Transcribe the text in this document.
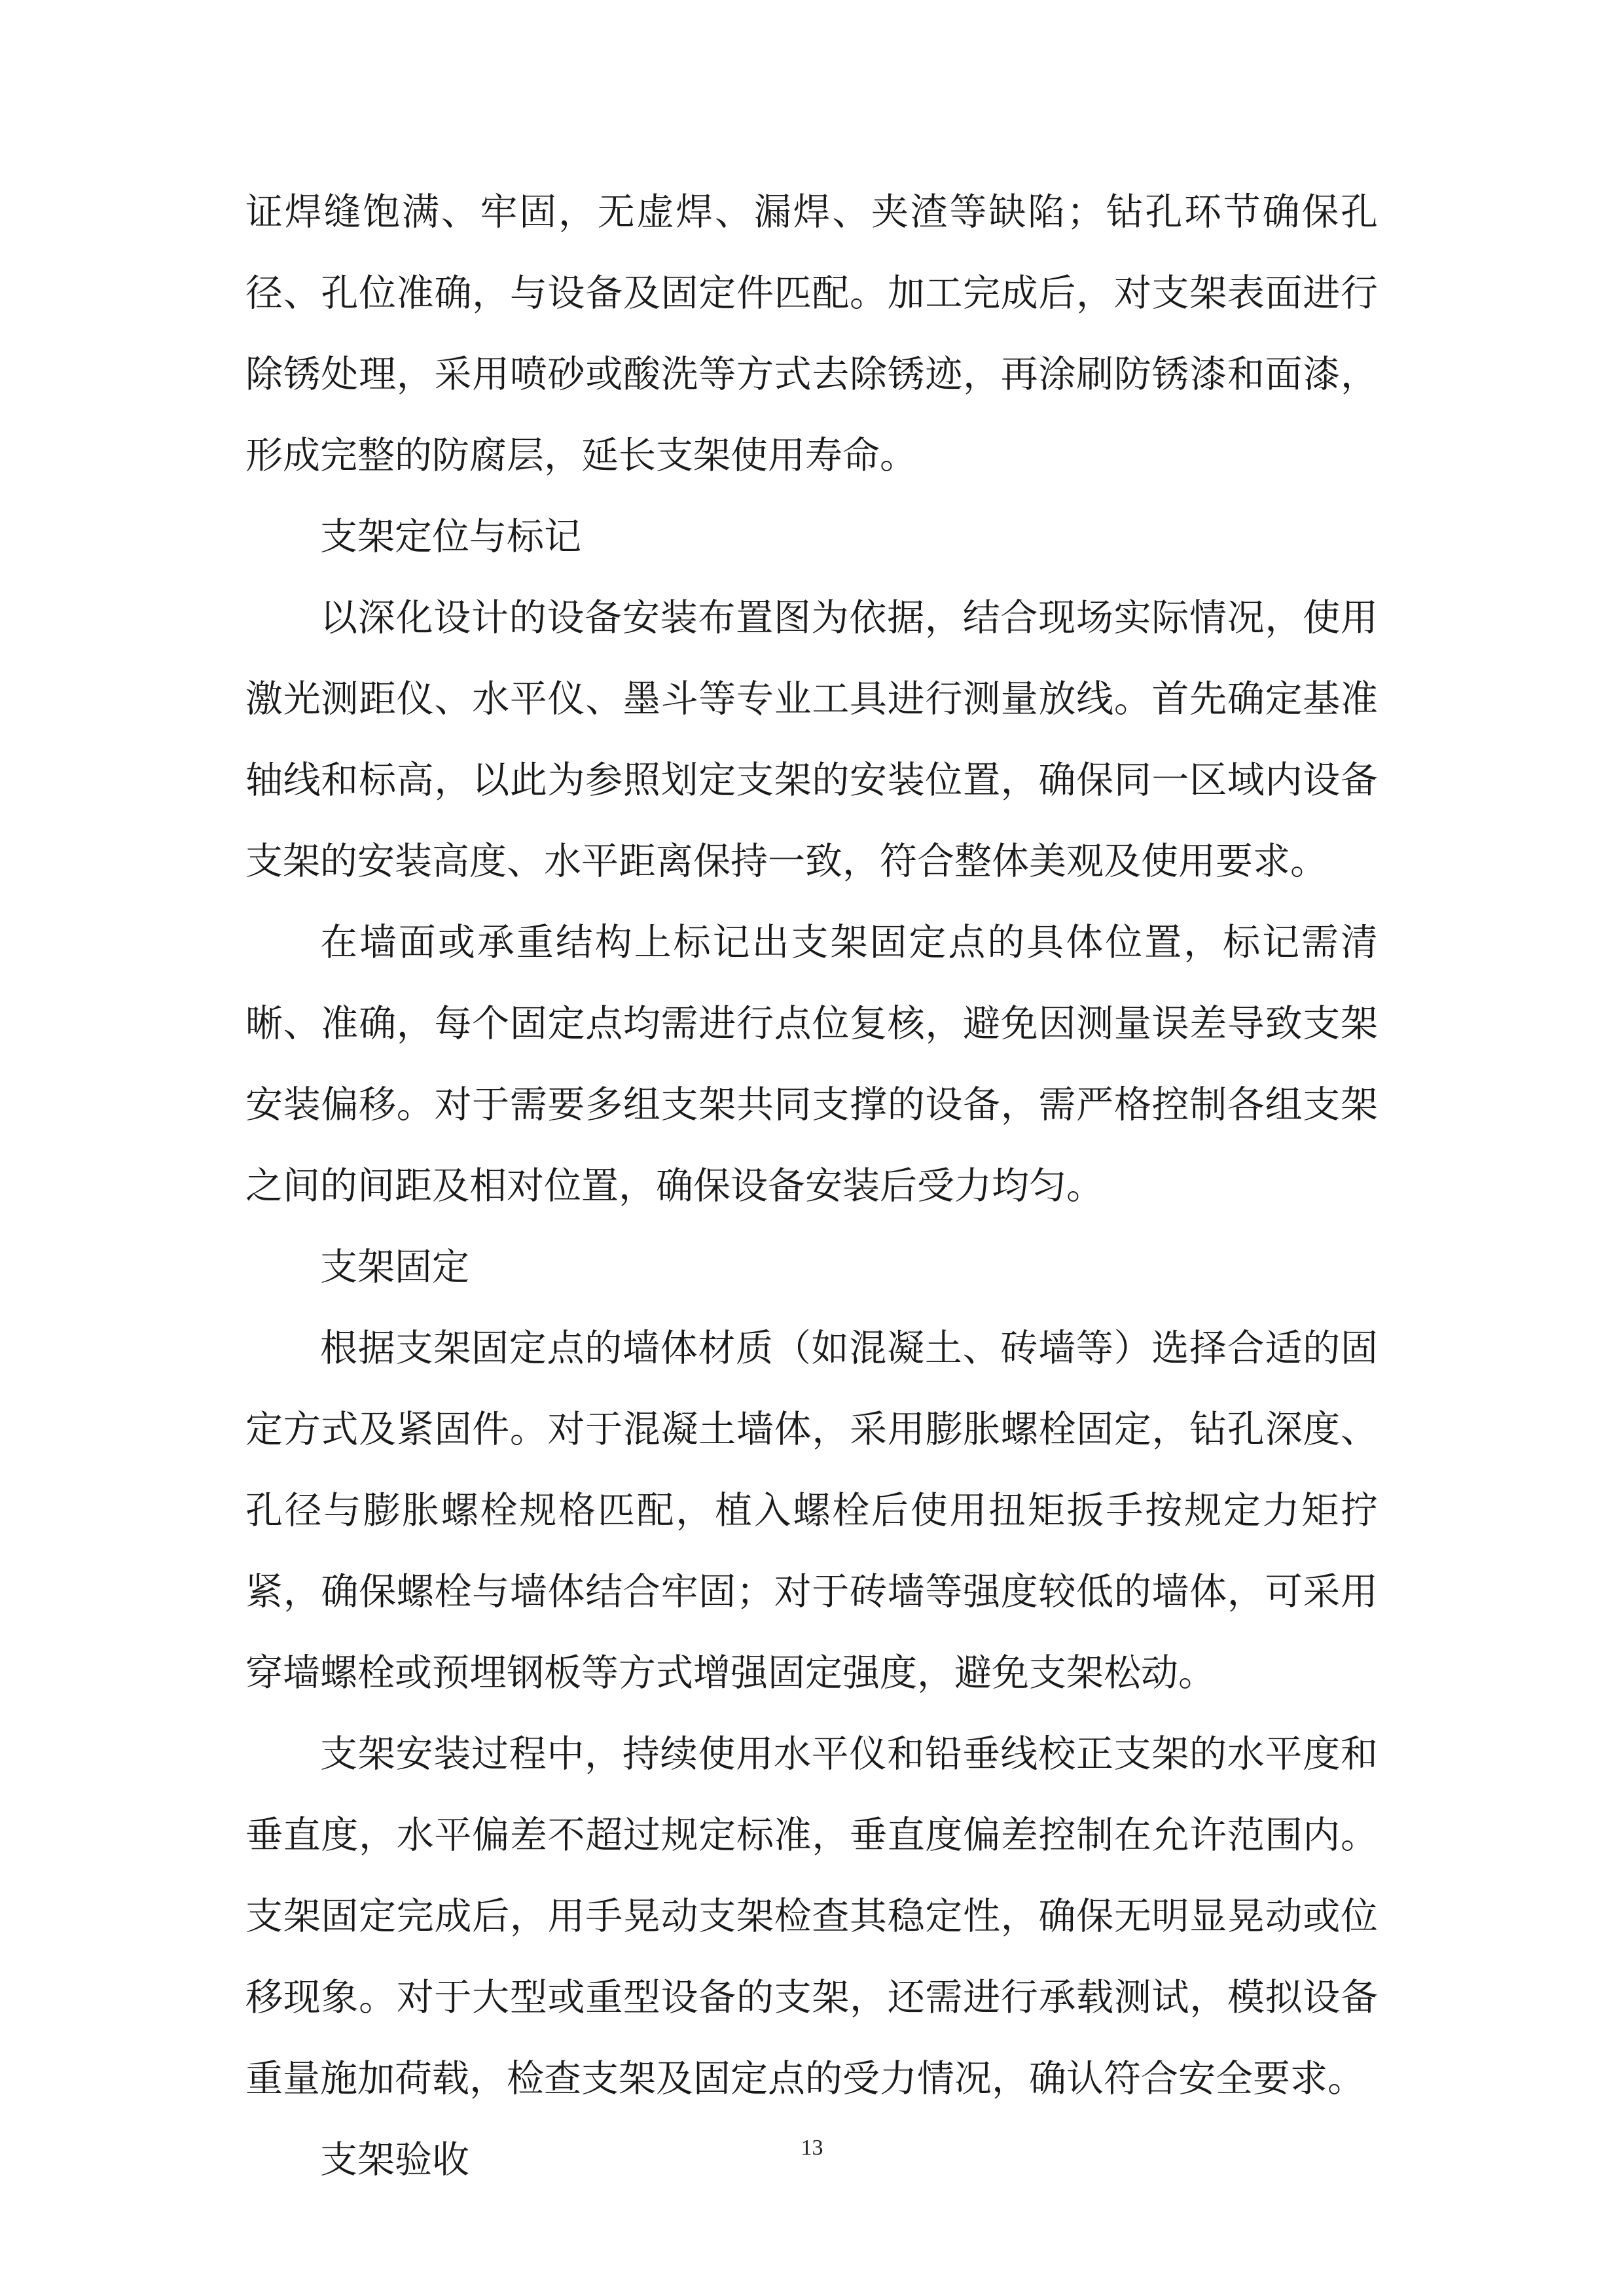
证焊缝饱满、牢固，无虚焊、漏焊、夹渣等缺陷；钻孔环节确保孔径、孔位准确，与设备及固定件匹配。加工完成后，对支架表面进行除锈处理，采用喷砂或酸洗等方式去除锈迹，再涂刷防锈漆和面漆，形成完整的防腐层，延长支架使用寿命。

支架定位与标记

以深化设计的设备安装布置图为依据，结合现场实际情况，使用激光测距仪、水平仪、墨斗等专业工具进行测量放线。首先确定基准轴线和标高，以此为参照划定支架的安装位置，确保同一区域内设备支架的安装高度、水平距离保持一致，符合整体美观及使用要求。

在墙面或承重结构上标记出支架固定点的具体位置，标记需清晰、准确，每个固定点均需进行点位复核，避免因测量误差导致支架安装偏移。对于需要多组支架共同支撑的设备，需严格控制各组支架之间的间距及相对位置，确保设备安装后受力均匀。

支架固定

根据支架固定点的墙体材质（如混凝土、砖墙等）选择合适的固定方式及紧固件。对于混凝土墙体，采用膨胀螺栓固定，钻孔深度、孔径与膨胀螺栓规格匹配，植入螺栓后使用扭矩扳手按规定力矩拧紧，确保螺栓与墙体结合牢固；对于砖墙等强度较低的墙体，可采用穿墙螺栓或预埋钢板等方式增强固定强度，避免支架松动。

支架安装过程中，持续使用水平仪和铅垂线校正支架的水平度和垂直度，水平偏差不超过规定标准，垂直度偏差控制在允许范围内。支架固定完成后，用手晃动支架检查其稳定性，确保无明显晃动或位移现象。对于大型或重型设备的支架，还需进行承载测试，模拟设备重量施加荷载，检查支架及固定点的受力情况，确认符合安全要求。

支架验收	13
